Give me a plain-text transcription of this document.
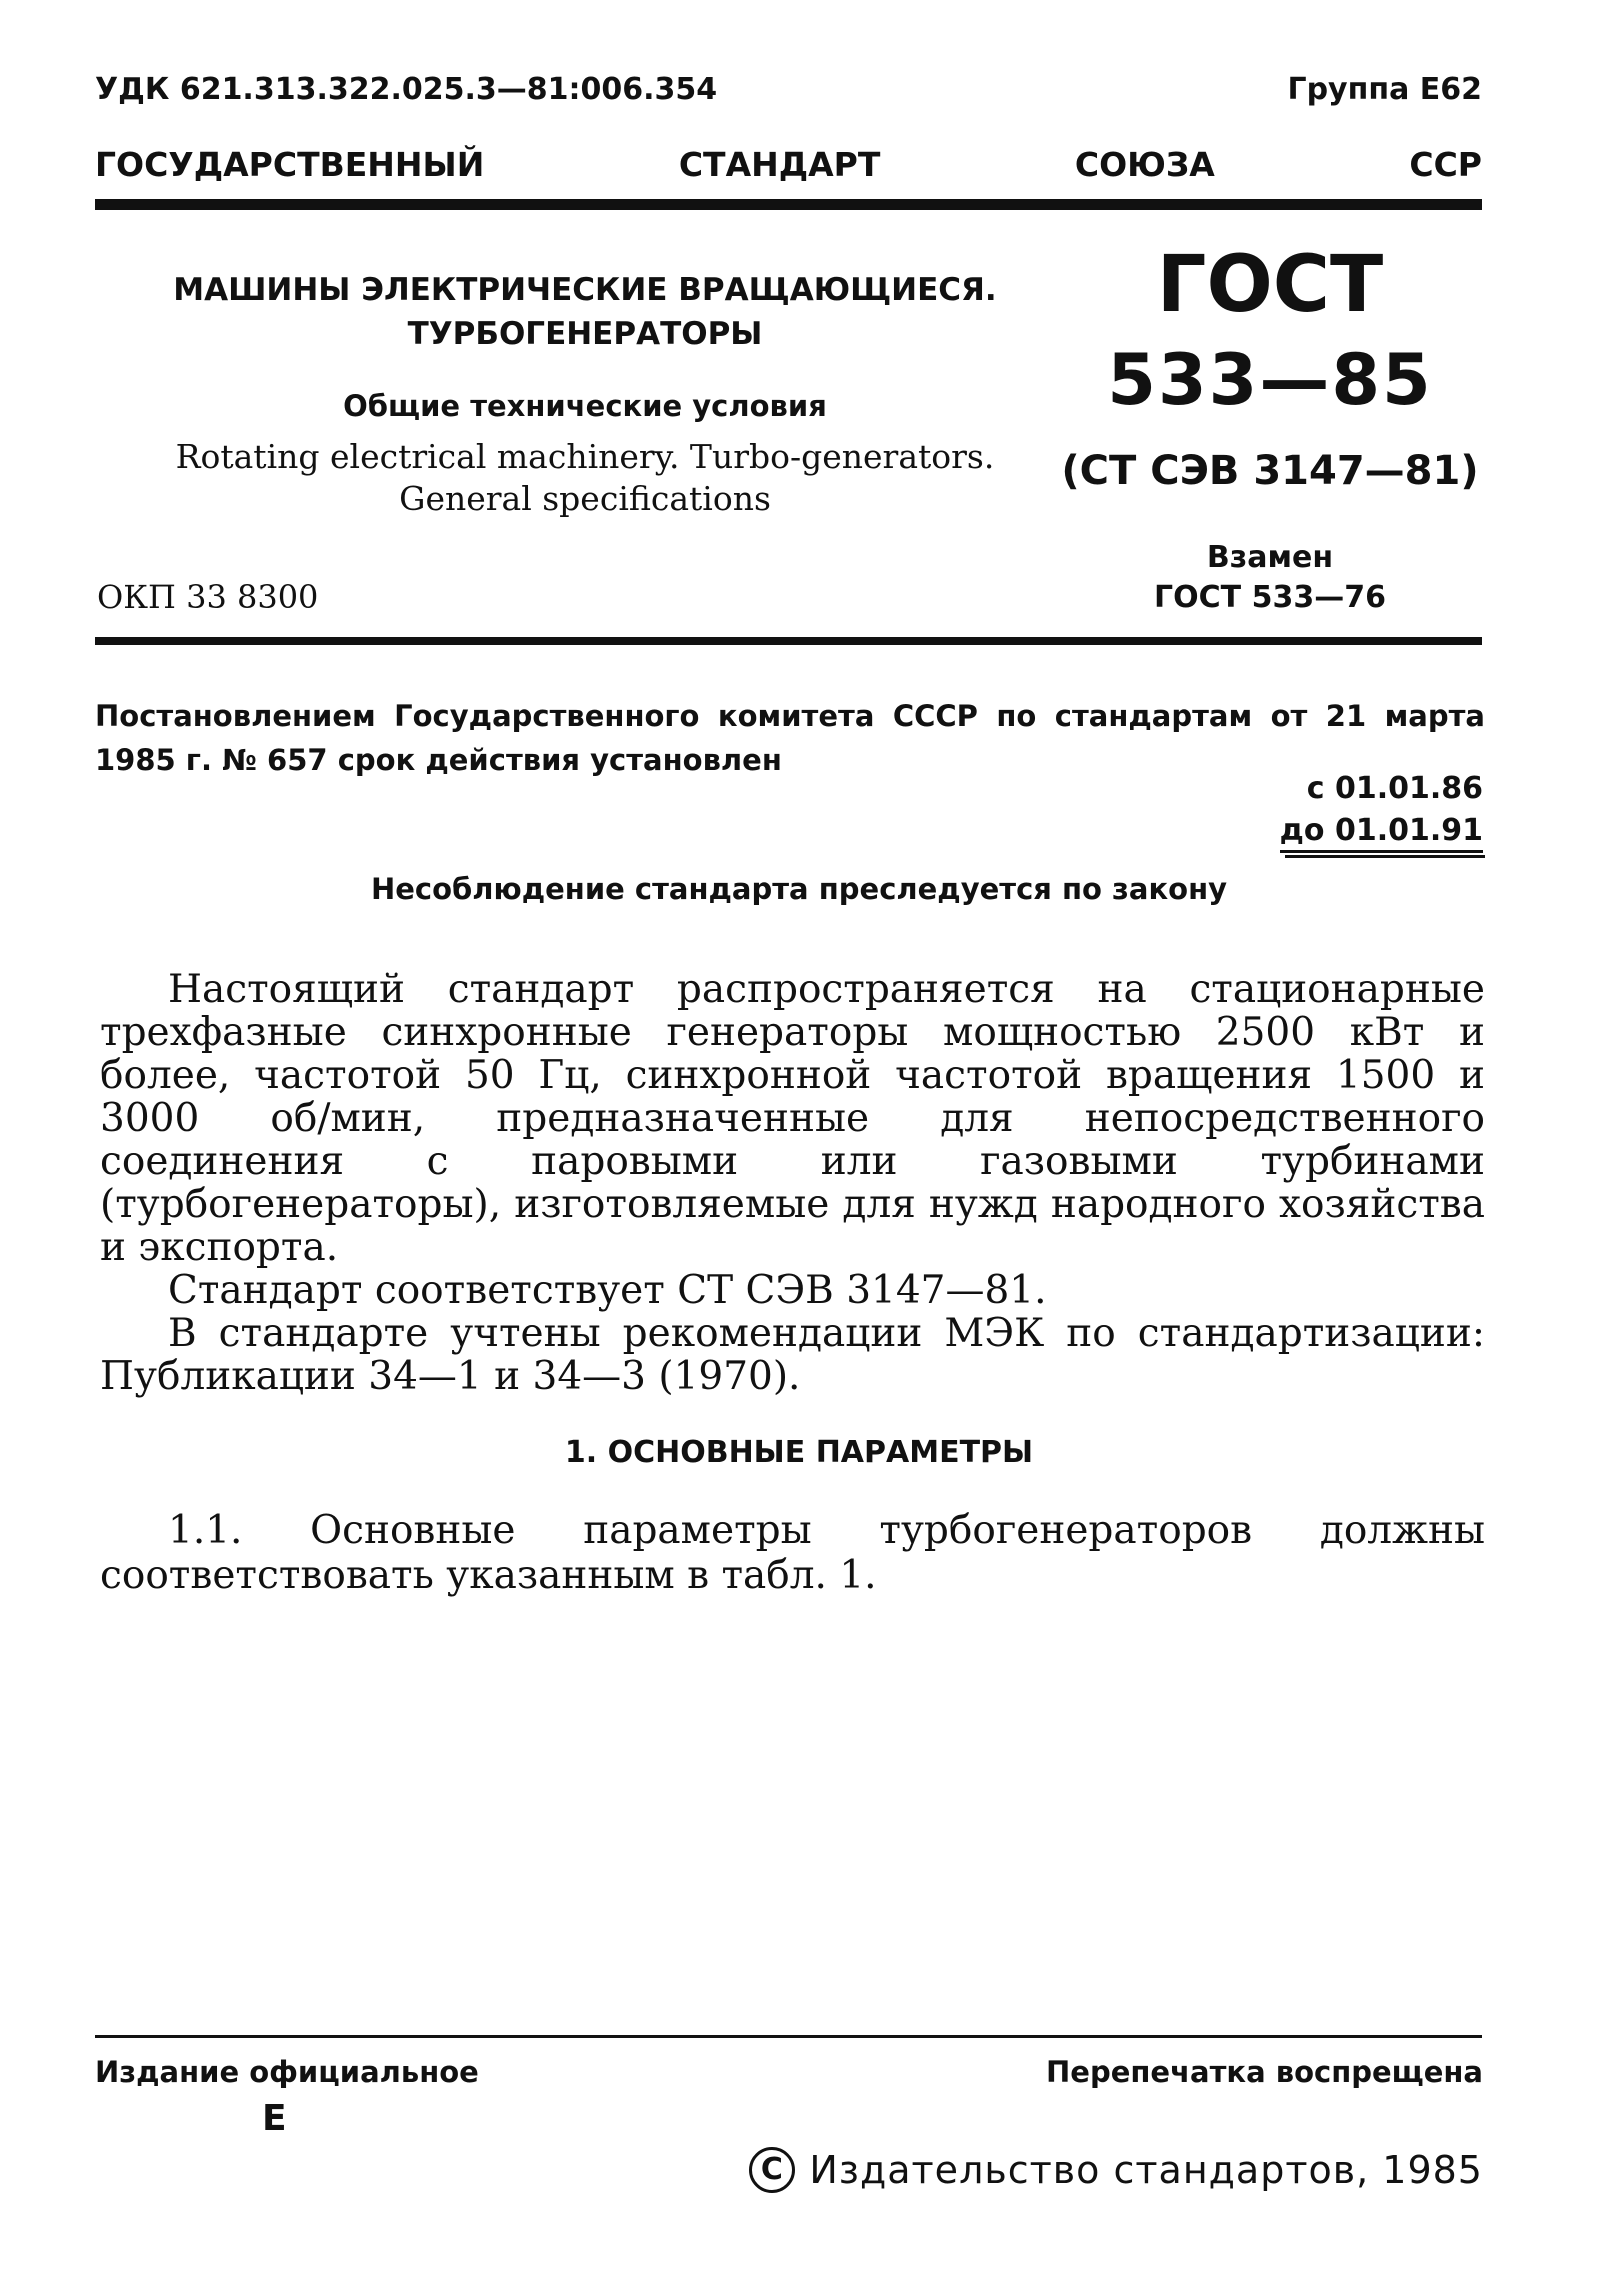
УДК 621.313.322.025.3—81:006.354	Группа Е62
ГОСУДАРСТВЕННЫЙ	СТАНДАРТ	СОЮЗА	ССР
МАШИНЫ ЭЛЕКТРИЧЕСКИЕ ВРАЩАЮЩИЕСЯ.
ТУРБОГЕНЕРАТОРЫ
Общие технические условия
Rotating electrical machinery. Turbo-generators.
General specifications
ГОСТ
533—85
(СТ СЭВ 3147—81)
Взамен
ГОСТ 533—76
ОКП 33 8300
Постановлением Государственного комитета СССР по стандартам от 21 марта 1985 г. № 657 срок действия установлен
с 01.01.86
до 01.01.91
Несоблюдение стандарта преследуется по закону

Настоящий стандарт распространяется на стационарные трехфазные синхронные генераторы мощностью 2500 кВт и более, частотой 50 Гц, синхронной частотой вращения 1500 и 3000 об/мин, предназначенные для непосредственного соединения с паровыми или газовыми турбинами (турбогенераторы), изготовляемые для нужд народного хозяйства и экспорта.

Стандарт соответствует СТ СЭВ 3147—81.

В стандарте учтены рекомендации МЭК по стандартизации: Публикации 34—1 и 34—3 (1970).

1. ОСНОВНЫЕ ПАРАМЕТРЫ

1.1. Основные параметры турбогенераторов должны соответствовать указанным в табл. 1.

Издание официальное	Перепечатка воспрещена
Е
C Издательство стандартов, 1985
